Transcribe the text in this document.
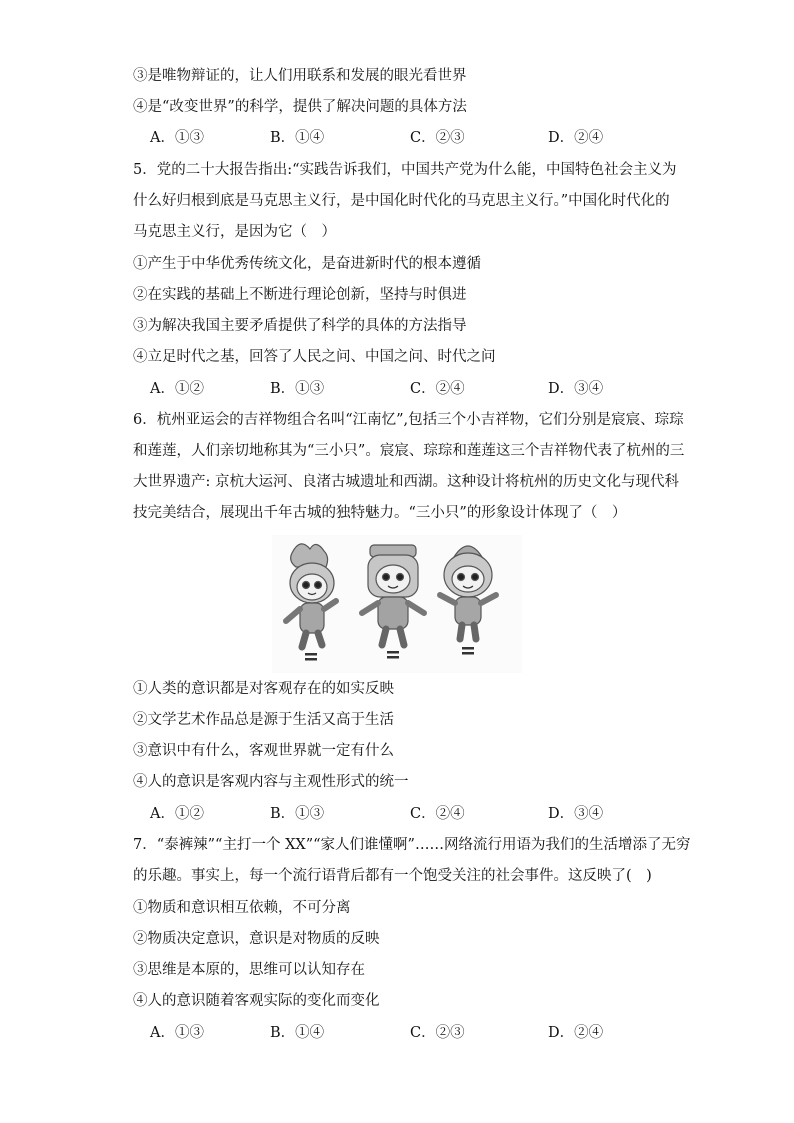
③是唯物辩证的，让人们用联系和发展的眼光看世界
④是“改变世界”的科学，提供了解决问题的具体方法
A．①③	B．①④	C．②③	D．②④
5．党的二十大报告指出:“实践告诉我们，中国共产党为什么能，中国特色社会主义为
什么好归根到底是马克思主义行，是中国化时代化的马克思主义行。”中国化时代化的
马克思主义行，是因为它（　）
①产生于中华优秀传统文化，是奋进新时代的根本遵循
②在实践的基础上不断进行理论创新，坚持与时俱进
③为解决我国主要矛盾提供了科学的具体的方法指导
④立足时代之基，回答了人民之问、中国之问、时代之问
A．①②	B．①③	C．②④	D．③④
6．杭州亚运会的吉祥物组合名叫“江南忆”,包括三个小吉祥物，它们分别是宸宸、琮琮
和莲莲，人们亲切地称其为“三小只”。宸宸、琮琮和莲莲这三个吉祥物代表了杭州的三
大世界遗产: 京杭大运河、良渚古城遗址和西湖。这种设计将杭州的历史文化与现代科
技完美结合，展现出千年古城的独特魅力。“三小只”的形象设计体现了（　）
①人类的意识都是对客观存在的如实反映
②文学艺术作品总是源于生活又高于生活
③意识中有什么，客观世界就一定有什么
④人的意识是客观内容与主观性形式的统一
A．①②	B．①③	C．②④	D．③④
7．“泰裤辣”“主打一个 XX”“家人们谁懂啊”……网络流行用语为我们的生活增添了无穷
的乐趣。事实上，每一个流行语背后都有一个饱受关注的社会事件。这反映了(　)
①物质和意识相互依赖，不可分离
②物质决定意识，意识是对物质的反映
③思维是本原的，思维可以认知存在
④人的意识随着客观实际的变化而变化
A．①③	B．①④	C．②③	D．②④
